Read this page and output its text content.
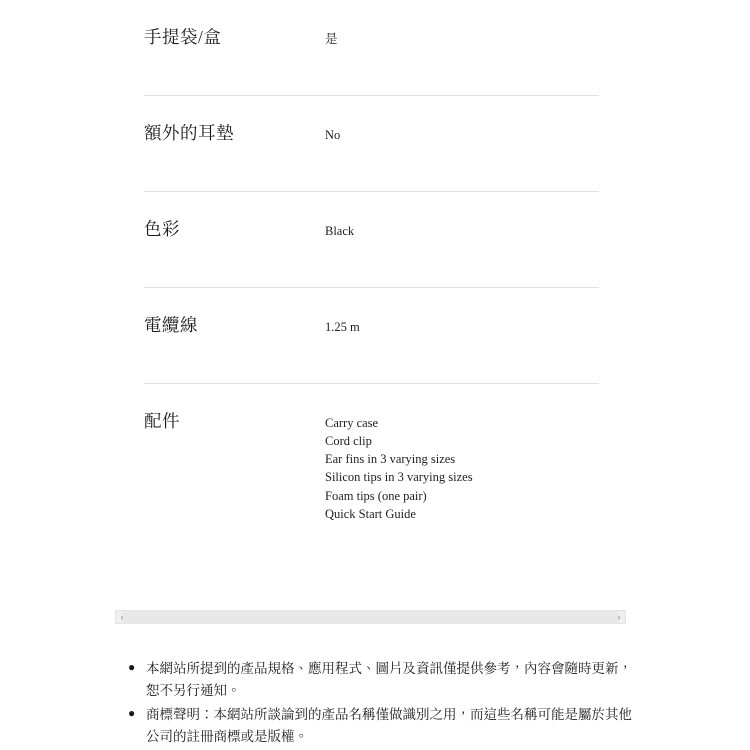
手提袋/盒	是
額外的耳墊	No
色彩	Black
電纜線	1.25 m
配件	Carry case
Cord clip
Ear fins in 3 varying sizes
Silicon tips in 3 varying sizes
Foam tips (one pair)
Quick Start Guide
‹	›
● 本網站所提到的產品規格、應用程式、圖片及資訊僅提供參考，內容會隨時更新，恕不另行通知。
● 商標聲明：本網站所談論到的產品名稱僅做識別之用，而這些名稱可能是屬於其他公司的註冊商標或是版權。
